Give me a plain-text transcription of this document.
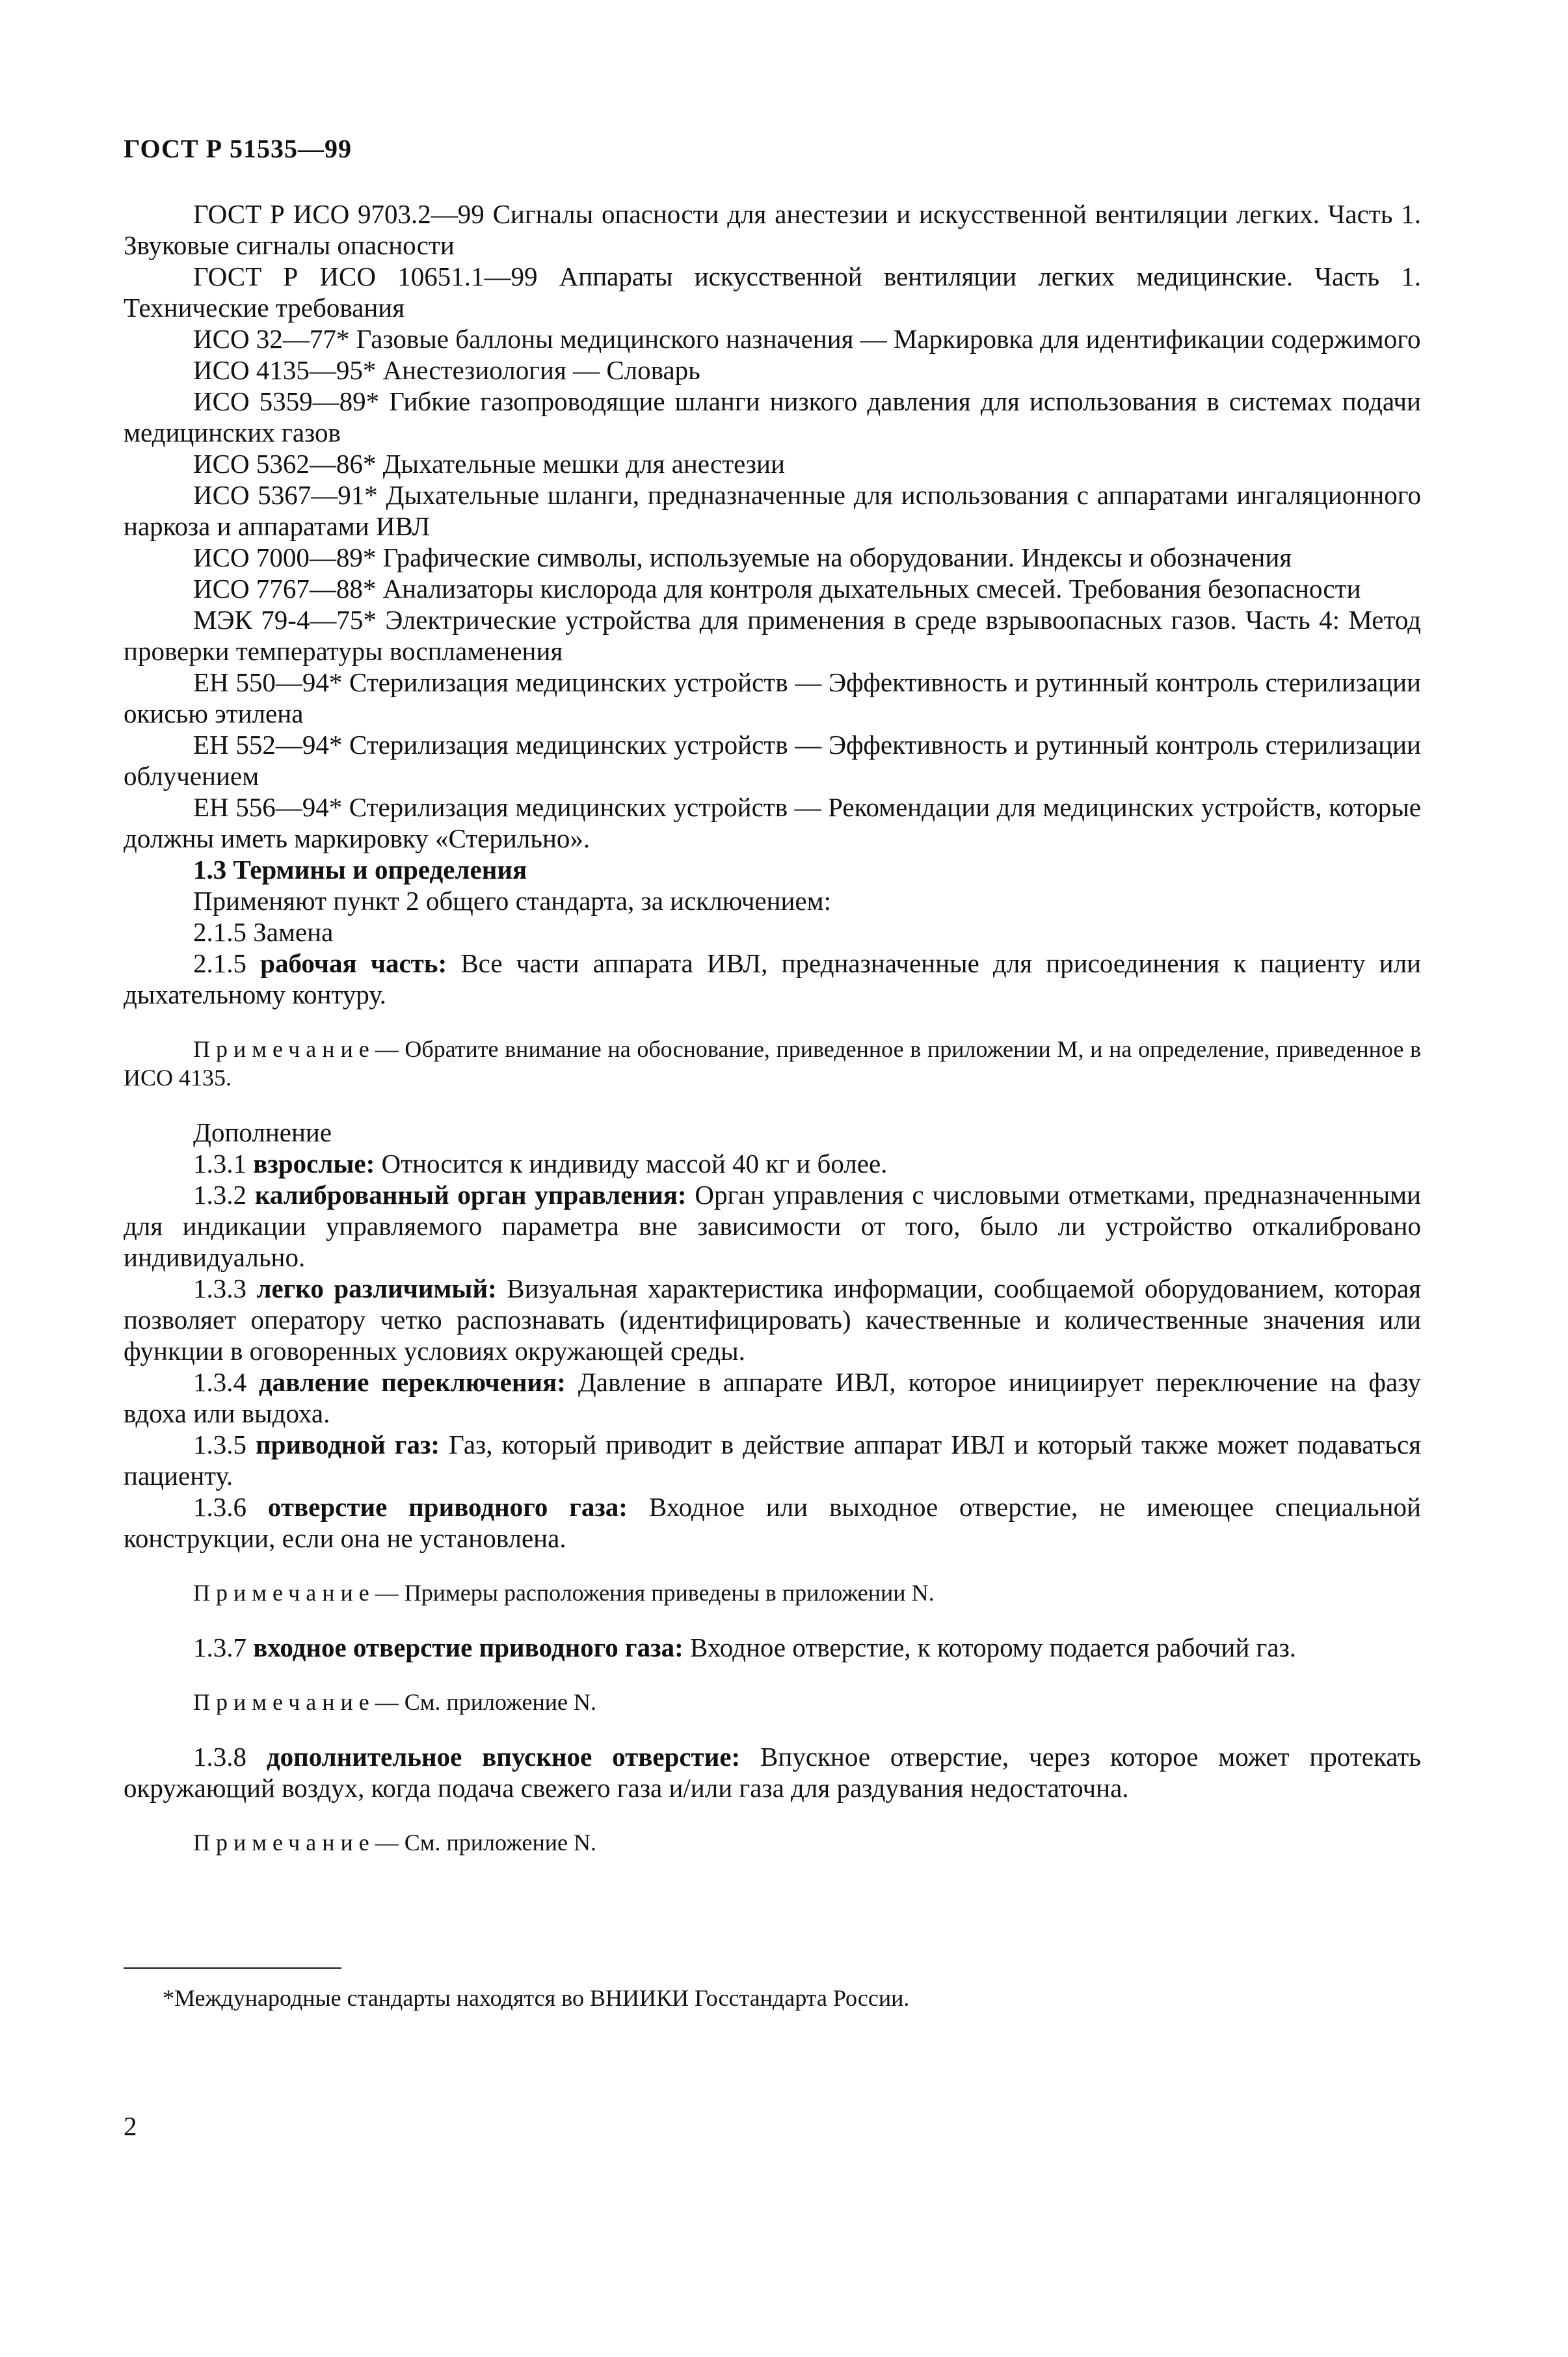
ГОСТ Р 51535—99

ГОСТ Р ИСО 9703.2—99 Сигналы опасности для анестезии и искусственной вентиляции легких. Часть 1. Звуковые сигналы опасности

ГОСТ Р ИСО 10651.1—99 Аппараты искусственной вентиляции легких медицинские. Часть 1. Технические требования

ИСО 32—77* Газовые баллоны медицинского назначения — Маркировка для идентификации содержимого

ИСО 4135—95* Анестезиология — Словарь

ИСО 5359—89* Гибкие газопроводящие шланги низкого давления для использования в системах подачи медицинских газов

ИСО 5362—86* Дыхательные мешки для анестезии

ИСО 5367—91* Дыхательные шланги, предназначенные для использования с аппаратами ингаляционного наркоза и аппаратами ИВЛ

ИСО 7000—89* Графические символы, используемые на оборудовании. Индексы и обозначения

ИСО 7767—88* Анализаторы кислорода для контроля дыхательных смесей. Требования безопасности

МЭК 79-4—75* Электрические устройства для применения в среде взрывоопасных газов. Часть 4: Метод проверки температуры воспламенения

ЕН 550—94* Стерилизация медицинских устройств — Эффективность и рутинный контроль стерилизации окисью этилена

ЕН 552—94* Стерилизация медицинских устройств — Эффективность и рутинный контроль стерилизации облучением

ЕН 556—94* Стерилизация медицинских устройств — Рекомендации для медицинских устройств, которые должны иметь маркировку «Стерильно».

1.3 Термины и определения

Применяют пункт 2 общего стандарта, за исключением:

2.1.5 Замена

2.1.5 рабочая часть: Все части аппарата ИВЛ, предназначенные для присоединения к пациенту или дыхательному контуру.

Примечание— Обратите внимание на обоснование, приведенное в приложении М, и на определение, приведенное в ИСО 4135.

Дополнение

1.3.1 взрослые: Относится к индивиду массой 40 кг и более.

1.3.2 калиброванный орган управления: Орган управления с числовыми отметками, предназначенными для индикации управляемого параметра вне зависимости от того, было ли устройство откалибровано индивидуально.

1.3.3 легко различимый: Визуальная характеристика информации, сообщаемой оборудованием, которая позволяет оператору четко распознавать (идентифицировать) качественные и количественные значения или функции в оговоренных условиях окружающей среды.

1.3.4 давление переключения: Давление в аппарате ИВЛ, которое инициирует переключение на фазу вдоха или выдоха.

1.3.5 приводной газ: Газ, который приводит в действие аппарат ИВЛ и который также может подаваться пациенту.

1.3.6 отверстие приводного газа: Входное или выходное отверстие, не имеющее специальной конструкции, если она не установлена.

Примечание— Примеры расположения приведены в приложении N.

1.3.7 входное отверстие приводного газа: Входное отверстие, к которому подается рабочий газ.

Примечание— См. приложение N.

1.3.8 дополнительное впускное отверстие: Впускное отверстие, через которое может протекать окружающий воздух, когда подача свежего газа и/или газа для раздувания недостаточна.

Примечание— См. приложение N.

*Международные стандарты находятся во ВНИИКИ Госстандарта России.
2
